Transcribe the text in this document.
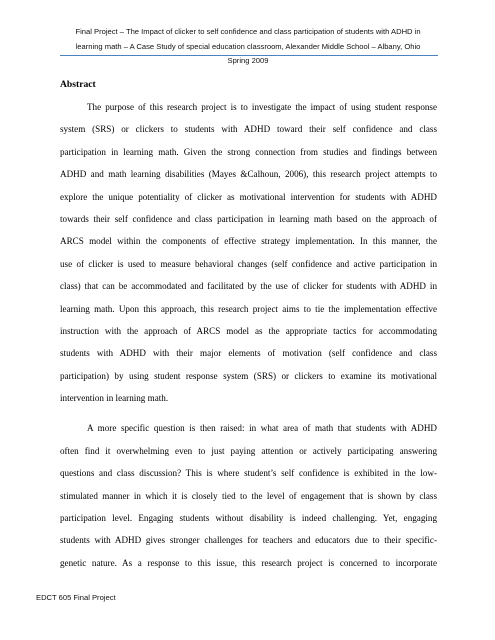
Final Project – The Impact of clicker to self confidence and class participation of students with ADHD in
learning math – A Case Study of special education classroom, Alexander Middle School – Albany, Ohio
Spring 2009
Abstract
The purpose of this research project is to investigate the impact of using student response
system (SRS) or clickers to students with ADHD toward their self confidence and class
participation in learning math. Given the strong connection from studies and findings between
ADHD and math learning disabilities (Mayes &Calhoun, 2006), this research project attempts to
explore the unique potentiality of clicker as motivational intervention for students with ADHD
towards their self confidence and class participation in learning math based on the approach of
ARCS model within the components of effective strategy implementation. In this manner, the
use of clicker is used to measure behavioral changes (self confidence and active participation in
class) that can be accommodated and facilitated by the use of clicker for students with ADHD in
learning math. Upon this approach, this research project aims to tie the implementation effective
instruction with the approach of ARCS model as the appropriate tactics for accommodating
students with ADHD with their major elements of motivation (self confidence and class
participation) by using student response system (SRS) or clickers to examine its motivational
intervention in learning math.
A more specific question is then raised: in what area of math that students with ADHD
often find it overwhelming even to just paying attention or actively participating answering
questions and class discussion? This is where student’s self confidence is exhibited in the low-
stimulated manner in which it is closely tied to the level of engagement that is shown by class
participation level. Engaging students without disability is indeed challenging. Yet, engaging
students with ADHD gives stronger challenges for teachers and educators due to their specific-
genetic nature. As a response to this issue, this research project is concerned to incorporate
EDCT 605 Final Project
